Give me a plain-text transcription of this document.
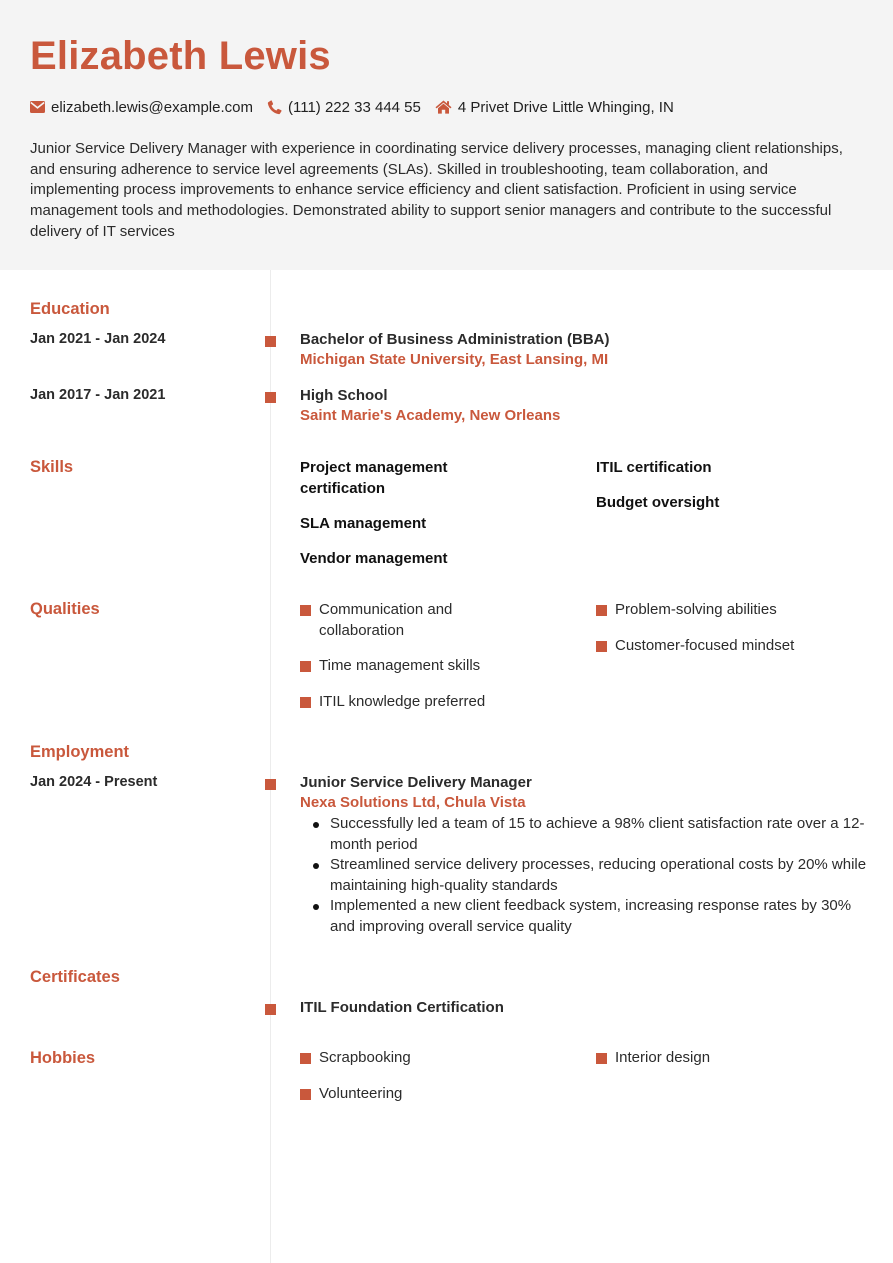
Elizabeth Lewis
elizabeth.lewis@example.com (111) 222 33 444 55 4 Privet Drive Little Whinging, IN

Junior Service Delivery Manager with experience in coordinating service delivery processes, managing client relationships, and ensuring adherence to service level agreements (SLAs). Skilled in troubleshooting, team collaboration, and implementing process improvements to enhance service efficiency and client satisfaction. Proficient in using service management tools and methodologies. Demonstrated ability to support senior managers and contribute to the successful delivery of IT services

Education
Jan 2021 - Jan 2024	Bachelor of Business Administration (BBA)
Michigan State University, East Lansing, MI
Jan 2017 - Jan 2021	High School
Saint Marie's Academy, New Orleans
Skills	Project management certification
SLA management
Vendor management
ITIL certification
Budget oversight
Qualities	Communication and collaboration
Time management skills
ITIL knowledge preferred
Problem-solving abilities
Customer-focused mindset
Employment
Jan 2024 - Present	Junior Service Delivery Manager
Nexa Solutions Ltd, Chula Vista
Successfully led a team of 15 to achieve a 98% client satisfaction rate over a 12-month period
Streamlined service delivery processes, reducing operational costs by 20% while maintaining high-quality standards
Implemented a new client feedback system, increasing response rates by 30% and improving overall service quality
Certificates
ITIL Foundation Certification
Hobbies	Scrapbooking
Volunteering
Interior design
